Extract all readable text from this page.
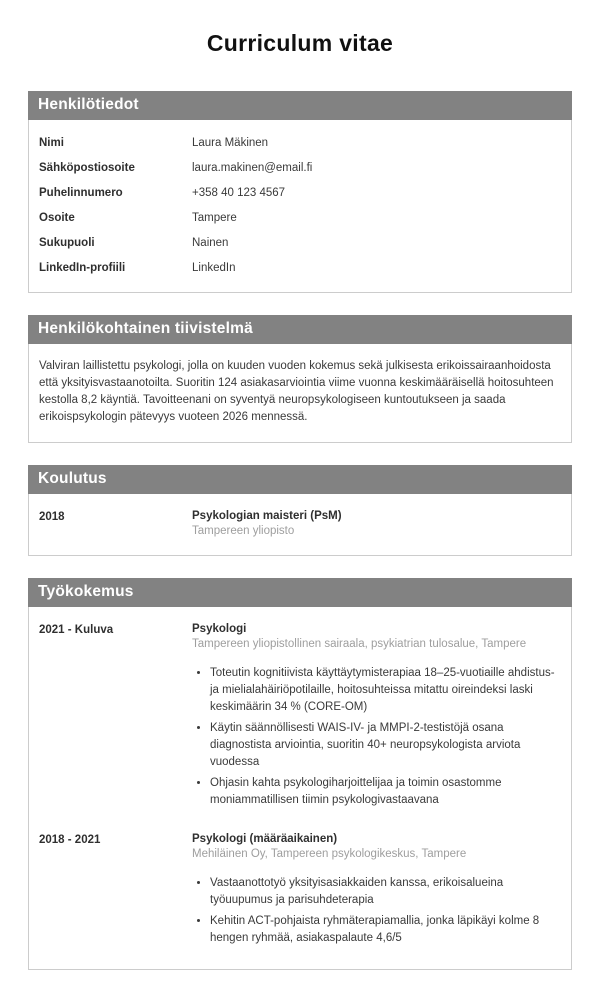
Curriculum vitae
Henkilötiedot
Nimi	Laura Mäkinen
Sähköpostiosoite	laura.makinen@email.fi
Puhelinnumero	+358 40 123 4567
Osoite	Tampere
Sukupuoli	Nainen
LinkedIn-profiili	LinkedIn
Henkilökohtainen tiivistelmä

Valviran laillistettu psykologi, jolla on kuuden vuoden kokemus sekä julkisesta erikoissairaanhoidosta että yksityisvastaanotoilta. Suoritin 124 asiakasarviointia viime vuonna keskimääräisellä hoitosuhteen kestolla 8,2 käyntiä. Tavoitteenani on syventyä neuropsykologiseen kuntoutukseen ja saada erikoispsykologin pätevyys vuoteen 2026 mennessä.

Koulutus
2018	Psykologian maisteri (PsM)
Tampereen yliopisto
Työkokemus
2021 - Kuluva	Psykologi
Tampereen yliopistollinen sairaala, psykiatrian tulosalue, Tampere
• Toteutin kognitiivista käyttäytymisterapiaa 18–25-vuotiaille ahdistus- ja mielialahäiriöpotilaille, hoitosuhteissa mitattu oireindeksi laski keskimäärin 34 % (CORE-OM)
• Käytin säännöllisesti WAIS-IV- ja MMPI-2-testistöjä osana diagnostista arviointia, suoritin 40+ neuropsykologista arviota vuodessa
• Ohjasin kahta psykologiharjoittelijaa ja toimin osastomme moniammatillisen tiimin psykologivastaavana
2018 - 2021	Psykologi (määräaikainen)
Mehiläinen Oy, Tampereen psykologikeskus, Tampere
• Vastaanottotyö yksityisasiakkaiden kanssa, erikoisalueina työuupumus ja parisuhdeterapia
• Kehitin ACT-pohjaista ryhmäterapiamallia, jonka läpikäyi kolme 8 hengen ryhmää, asiakaspalaute 4,6/5
